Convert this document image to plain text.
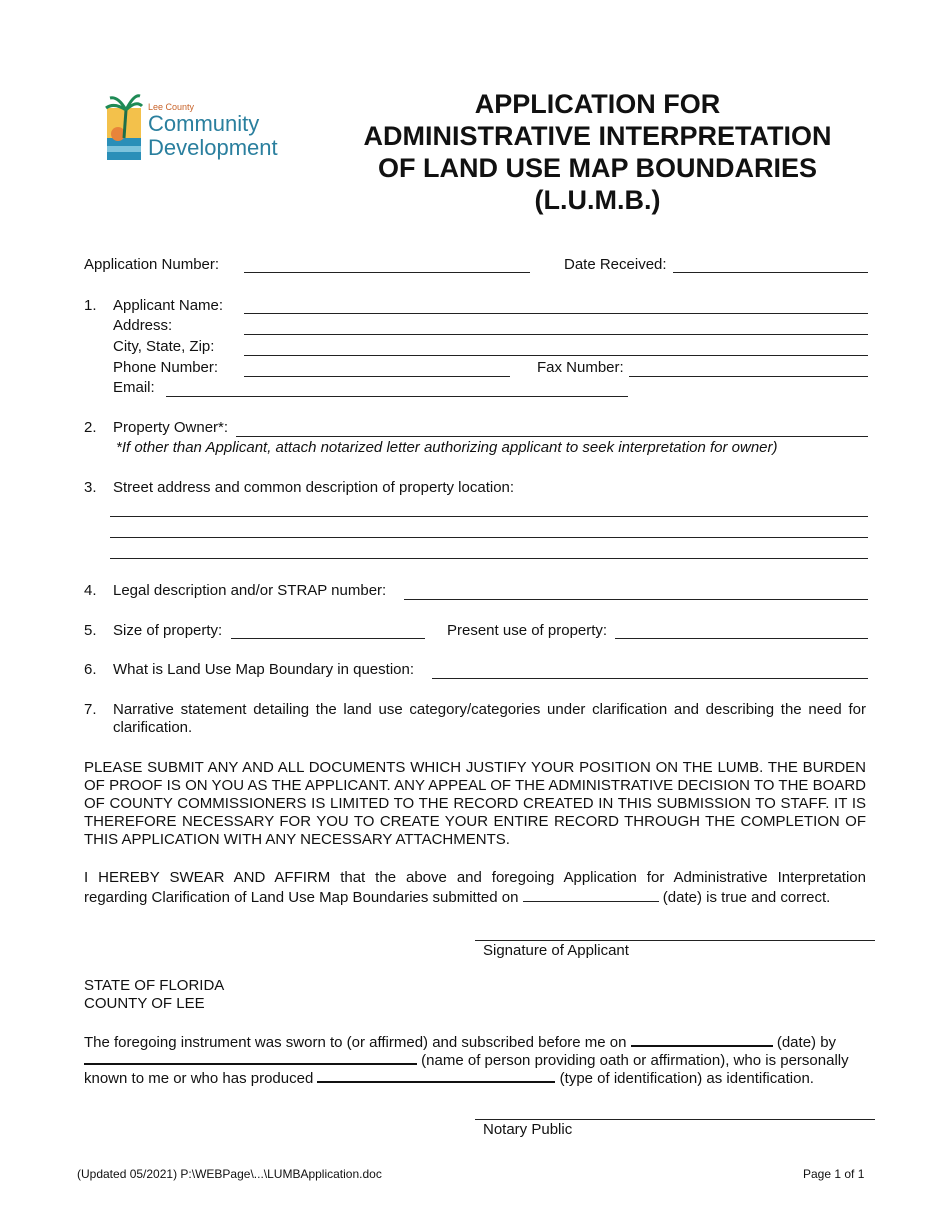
Lee County
Community
Development
APPLICATION FOR
ADMINISTRATIVE INTERPRETATION
OF LAND USE MAP BOUNDARIES
(L.U.M.B.)
Application Number:	Date Received:
1. Applicant Name:
Address:
City, State, Zip:
Phone Number:	Fax Number:
Email:
2. Property Owner*:
*If other than Applicant, attach notarized letter authorizing applicant to seek interpretation for owner)
3. Street address and common description of property location:
4. Legal description and/or STRAP number:
5. Size of property:	Present use of property:
6. What is Land Use Map Boundary in question:
7. Narrative statement detailing the land use category/categories under clarification and describing the need for
clarification.
PLEASE SUBMIT ANY AND ALL DOCUMENTS WHICH JUSTIFY YOUR POSITION ON THE LUMB. THE BURDEN OF PROOF IS ON YOU AS THE APPLICANT. ANY APPEAL OF THE ADMINISTRATIVE DECISION TO THE BOARD OF COUNTY COMMISSIONERS IS LIMITED TO THE RECORD CREATED IN THIS SUBMISSION TO STAFF. IT IS THEREFORE NECESSARY FOR YOU TO CREATE YOUR ENTIRE RECORD THROUGH THE COMPLETION OF THIS APPLICATION WITH ANY NECESSARY ATTACHMENTS.
I HEREBY SWEAR AND AFFIRM that the above and foregoing Application for Administrative Interpretation
regarding Clarification of Land Use Map Boundaries submitted on	(date) is true and correct.
Signature of Applicant
STATE OF FLORIDA
COUNTY OF LEE
The foregoing instrument was sworn to (or affirmed) and subscribed before me on	(date) by
(name of person providing oath or affirmation), who is personally
known to me or who has produced	(type of identification) as identification.
Notary Public
(Updated 05/2021) P:\WEBPage\...\LUMBApplication.doc	Page 1 of 1
